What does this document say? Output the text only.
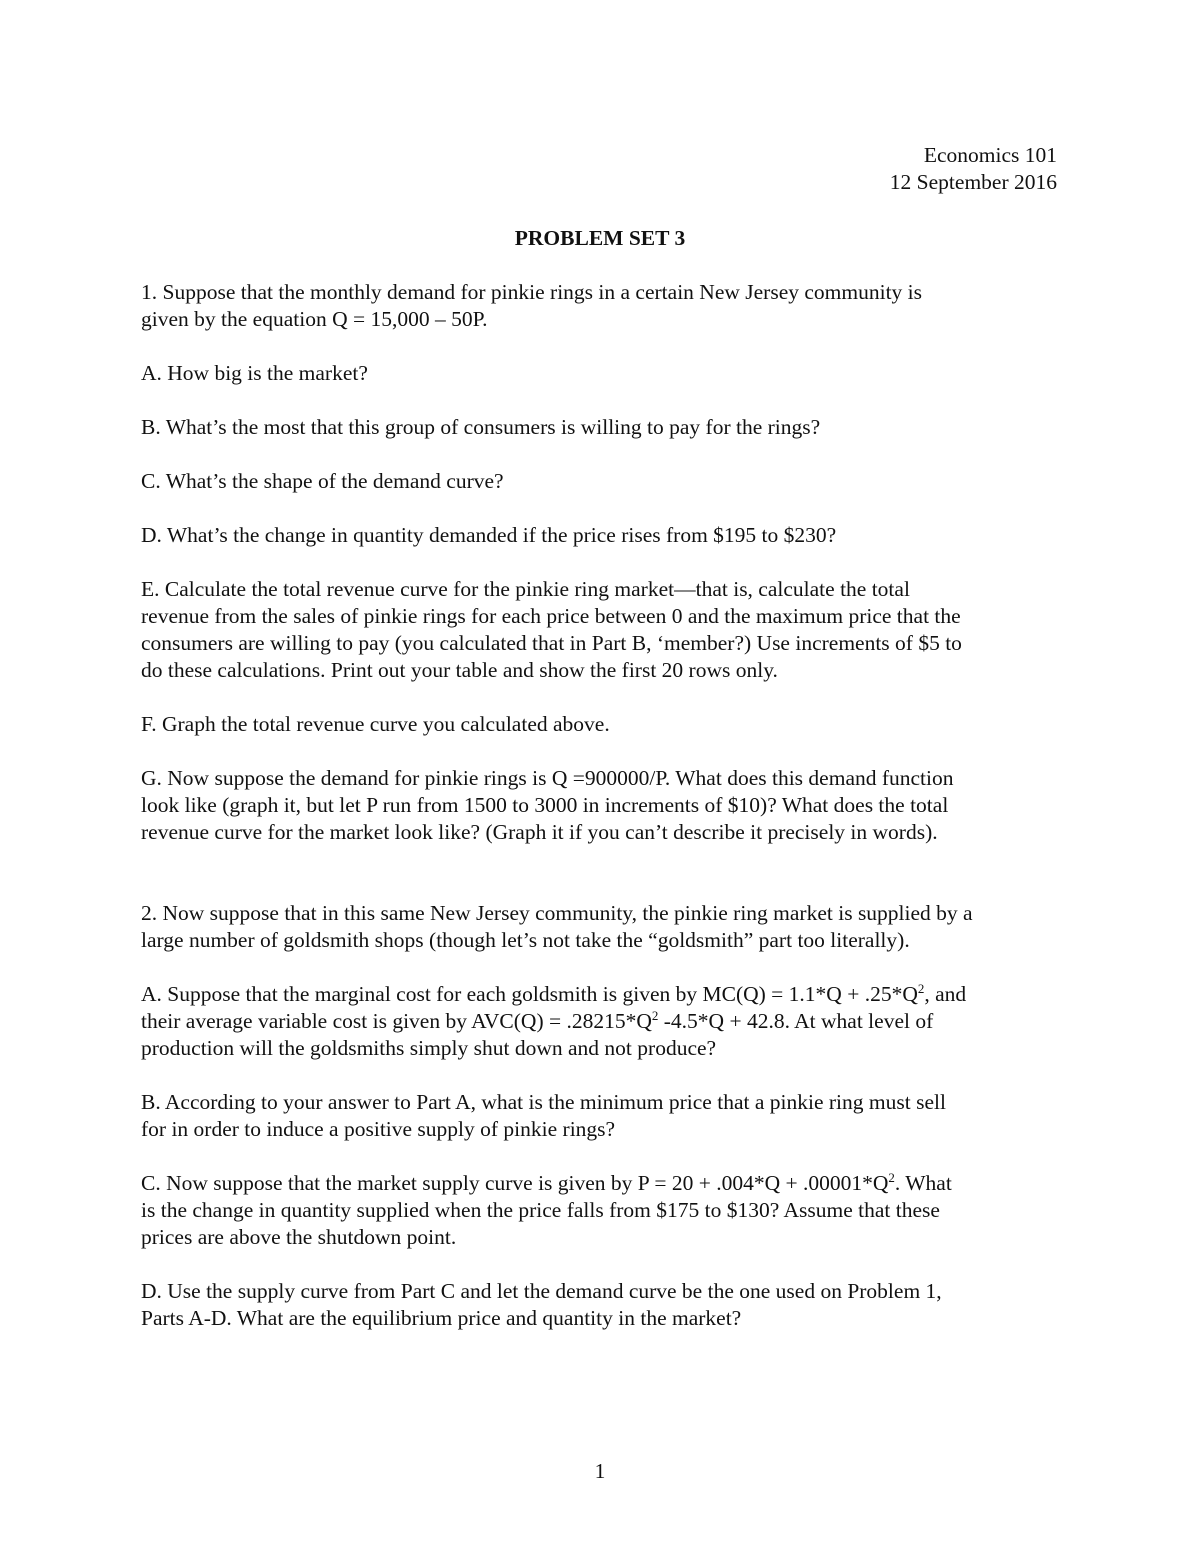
Economics 101
12 September 2016
PROBLEM SET 3
1. Suppose that the monthly demand for pinkie rings in a certain New Jersey community is
given by the equation Q = 15,000 – 50P.
A. How big is the market?
B. What’s the most that this group of consumers is willing to pay for the rings?
C. What’s the shape of the demand curve?
D. What’s the change in quantity demanded if the price rises from $195 to $230?
E. Calculate the total revenue curve for the pinkie ring market—that is, calculate the total
revenue from the sales of pinkie rings for each price between 0 and the maximum price that the
consumers are willing to pay (you calculated that in Part B, ‘member?) Use increments of $5 to
do these calculations. Print out your table and show the first 20 rows only.
F. Graph the total revenue curve you calculated above.
G. Now suppose the demand for pinkie rings is Q =900000/P. What does this demand function
look like (graph it, but let P run from 1500 to 3000 in increments of $10)? What does the total
revenue curve for the market look like? (Graph it if you can’t describe it precisely in words).
2. Now suppose that in this same New Jersey community, the pinkie ring market is supplied by a
large number of goldsmith shops (though let’s not take the “goldsmith” part too literally).
A. Suppose that the marginal cost for each goldsmith is given by $MC(Q) = 1.1*Q + .25*Q^2$, and
their average variable cost is given by $AVC(Q) = .28215*Q^2$ -4.5*Q + 42.8. At what level of
production will the goldsmiths simply shut down and not produce?
B. According to your answer to Part A, what is the minimum price that a pinkie ring must sell
for in order to induce a positive supply of pinkie rings?
C. Now suppose that the market supply curve is given by $P = 20 + .004*Q + .00001*Q^2$. What
is the change in quantity supplied when the price falls from $175 to $130? Assume that these
prices are above the shutdown point.
D. Use the supply curve from Part C and let the demand curve be the one used on Problem 1,
Parts A-D. What are the equilibrium price and quantity in the market?
1
